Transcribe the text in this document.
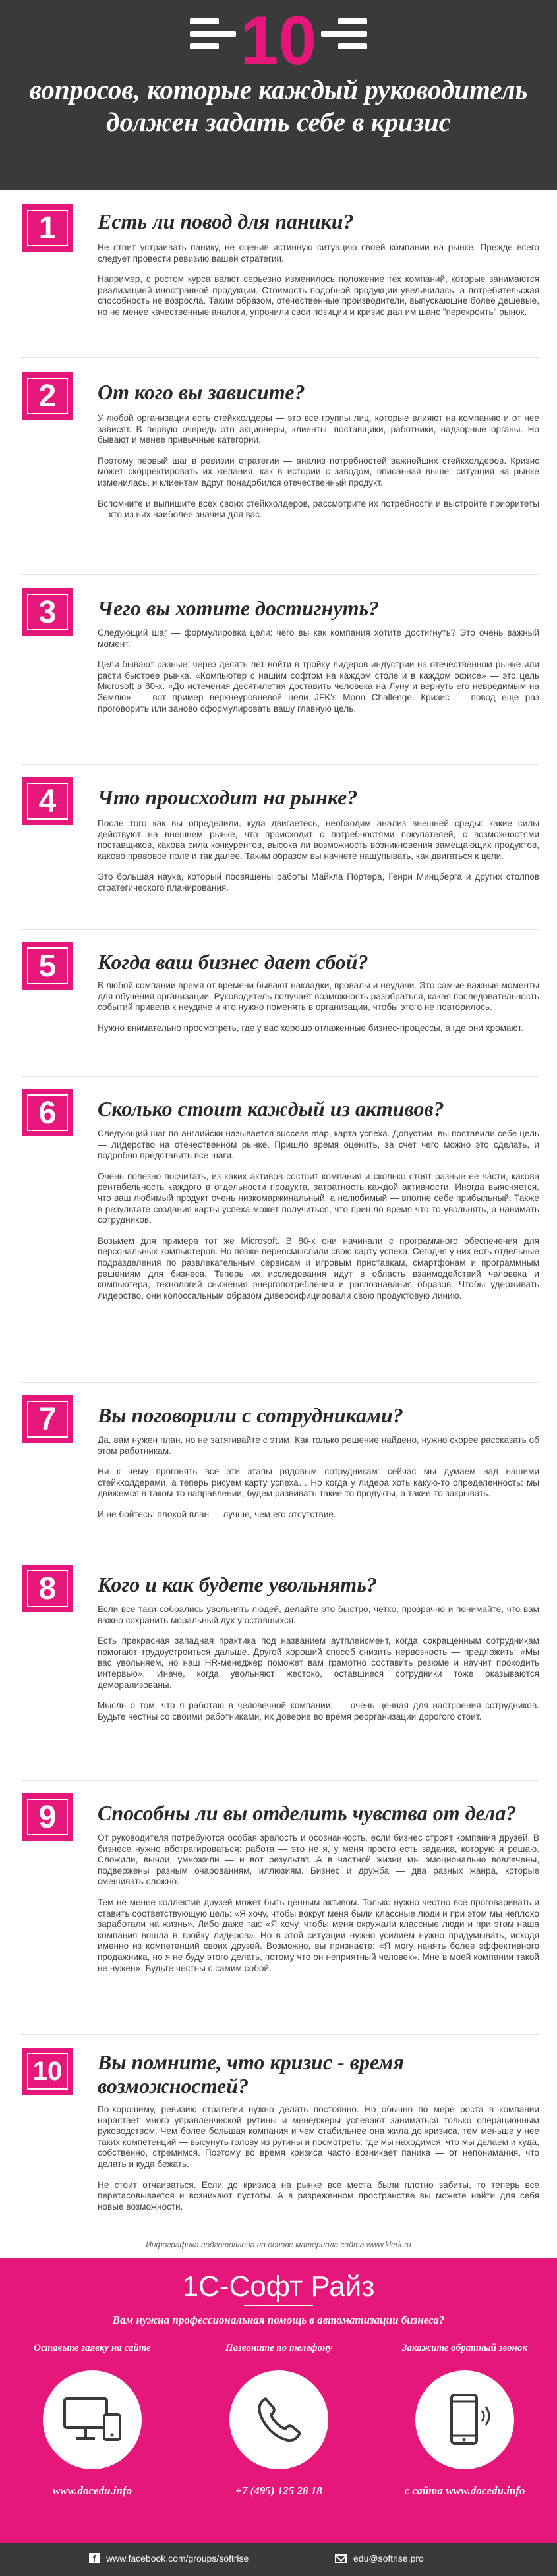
10
вопросов, которые каждый руководитель должен задать себе в кризис
1	Есть ли повод для паники?

Не стоит устраивать панику, не оценив истинную ситуацию своей компании на рынке. Прежде всего следует провести ревизию вашей стратегии.

Например, с ростом курса валют серьезно изменилось положение тех компаний, которые занимаются реализацией иностранной продукции. Стоимость подобной продукции увеличилась, а потребительская способность не возросла. Таким образом, отечественные производители, выпускающие более дешевые, но не менее качественные аналоги, упрочили свои позиции и кризис дал им шанс "перекроить" рынок.

2	От кого вы зависите?

У любой организации есть стейкхолдеры — это все группы лиц, которые влияют на компанию и от нее зависят. В первую очередь это акционеры, клиенты, поставщики, работники, надзорные органы. Но бывают и менее привычные категории.

Поэтому первый шаг в ревизии стратегии — анализ потребностей важнейших стейкхолдеров. Кризис может скорректировать их желания, как в истории с заводом, описанная выше: ситуация на рынке изменилась, и клиентам вдруг понадобился отечественный продукт.

Вспомните и выпишите всех своих стейкхолдеров, рассмотрите их потребности и выстройте приоритеты — кто из них наиболее значим для вас.

3	Чего вы хотите достигнуть?

Следующий шаг — формулировка цели: чего вы как компания хотите достигнуть? Это очень важный момент.

Цели бывают разные: через десять лет войти в тройку лидеров индустрии на отечественном рынке или расти быстрее рынка. «Компьютер с нашим софтом на каждом столе и в каждом офисе» — это цель Microsoft в 80-х. «До истечения десятилетия доставить человека на Луну и вернуть его невредимым на Землю» — вот пример верхнеуровневой цели JFK's Moon Challenge. Кризис — повод еще раз проговорить или заново сформулировать вашу главную цель.

4	Что происходит на рынке?

После того как вы определили, куда двигаетесь, необходим анализ внешней среды: какие силы действуют на внешнем рынке, что происходит с потребностями покупателей, с возможностями поставщиков, какова сила конкурентов, высока ли возможность возникновения замещающих продуктов, каково правовое поле и так далее. Таким образом вы начнете нащупывать, как двигаться к цели.

Это большая наука, который посвящены работы Майкла Портера, Генри Минцберга и других столпов стратегического планирования.

5	Когда ваш бизнес дает сбой?

В любой компании время от времени бывают накладки, провалы и неудачи. Это самые важные моменты для обучения организации. Руководитель получает возможность разобраться, какая последовательность событий привела к неудаче и что нужно поменять в организации, чтобы этого не повторилось.

Нужно внимательно просмотреть, где у вас хорошо отлаженные бизнес-процессы, а где они хромают.

6	Сколько стоит каждый из активов?

Следующий шаг по-английски называется success map, карта успеха. Допустим, вы поставили себе цель — лидерство на отечественном рынке. Пришло время оценить, за счет чего можно это сделать, и подробно представить все шаги.

Очень полезно посчитать, из каких активов состоит компания и сколько стоят разные ее части, какова рентабельность каждого в отдельности продукта, затратность каждой активности. Иногда выясняется, что ваш любимый продукт очень низкомаржинальный, а нелюбимый — вполне себе прибыльный. Также в результате создания карты успеха может получиться, что пришло время что-то увольнять, а нанимать сотрудников.

Возьмем для примера тот же Microsoft. В 80-х они начинали с программного обеспечения для персональных компьютеров. Но позже переосмыслили свою карту успеха. Сегодня у них есть отдельные подразделения по развлекательным сервисам и игровым приставкам, смартфонам и программным решениям для бизнеса. Теперь их исследования идут в область взаимодействий человека и компьютера, технологий снижения энергопотребления и распознавания образов. Чтобы удерживать лидерство, они колоссальным образом диверсифицировали свою продуктовую линию.

7	Вы поговорили с сотрудниками?

Да, вам нужен план, но не затягивайте с этим. Как только решение найдено, нужно скорее рассказать об этом работникам.

Ни к чему прогонять все эти этапы рядовым сотрудникам: сейчас мы думаем над нашими стейкхолдерами, а теперь рисуем карту успеха… Но когда у лидера хоть какую-то определенность: мы движемся в таком-то направлении, будем развивать такие-то продукты, а такие-то закрывать.

И не бойтесь: плохой план — лучше, чем его отсутствие.

8	Кого и как будете увольнять?

Если все-таки собрались увольнять людей, делайте это быстро, четко, прозрачно и понимайте, что вам важно сохранить моральный дух у оставшихся.

Есть прекрасная западная практика под названием аутплейсмент, когда сокращенным сотрудникам помогают трудоустроиться дальше. Другой хороший способ снизить нервозность — предложить: «Мы вас увольняем, но наш HR-менеджер поможет вам грамотно составить резюме и научит проходить интервью». Иначе, когда увольняют жестоко, оставшиеся сотрудники тоже оказываются деморализованы.

Мысль о том, что я работаю в человечной компании, — очень ценная для настроения сотрудников. Будьте честны со своими работниками, их доверие во время реорганизации дорогого стоит.

9	Способны ли вы отделить чувства от дела?

От руководителя потребуются особая зрелость и осознанность, если бизнес строят компания друзей. В бизнесе нужно абстрагироваться: работа — это не я, у меня просто есть задачка, которую я решаю. Сложили, вычли, умножили — и вот результат. А в частной жизни мы эмоционально вовлечены, подвержены разным очарованиям, иллюзиям. Бизнес и дружба — два разных жанра, которые смешивать сложно.

Тем не менее коллектив друзей может быть ценным активом. Только нужно честно все проговаривать и ставить соответствующую цель: «Я хочу, чтобы вокруг меня были классные люди и при этом мы неплохо заработали на жизнь». Либо даже так: «Я хочу, чтобы меня окружали классные люди и при этом наша компания вошла в тройку лидеров». Но в этой ситуации нужно усилием нужно придумывать, исходя именно из компетенций своих друзей. Возможно, вы признаете: «Я могу нанять более эффективного продажника, но я не буду этого делать, потому что он неприятный человек». Мне в моей компании такой не нужен». Будьте честны с самим собой.

10	Вы помните, что кризис - время возможностей?

По-хорошему, ревизию стратегии нужно делать постоянно. Но обычно по мере роста в компании нарастает много управленческой рутины и менеджеры успевают заниматься только операционным руководством. Чем более большая компания и чем стабильнее она жила до кризиса, тем меньше у нее таких компетенций — высунуть голову из рутины и посмотреть: где мы находимся, что мы делаем и куда, собственно, стремимся. Поэтому во время кризиса часто возникает паника — от непонимания, что делать и куда бежать.

Не стоит отчаиваться. Если до кризиса на рынке все места были плотно забиты, то теперь все перетасовывается и возникают пустоты. А в разреженном пространстве вы можете найти для себя новые возможности.

Инфографика подготовлена на основе материала сайта www.klerk.ru
1С-Софт Райз
Вам нужна профессиональная помощь в автоматизации бизнеса?
Оставьте заявку на сайте	Позвоните по телефону	Закажите обратный звонок
www.docedu.info	+7 (495) 125 28 18	с сайта www.docedu.info
f	www.facebook.com/groups/softrise	edu@softrise.pro
